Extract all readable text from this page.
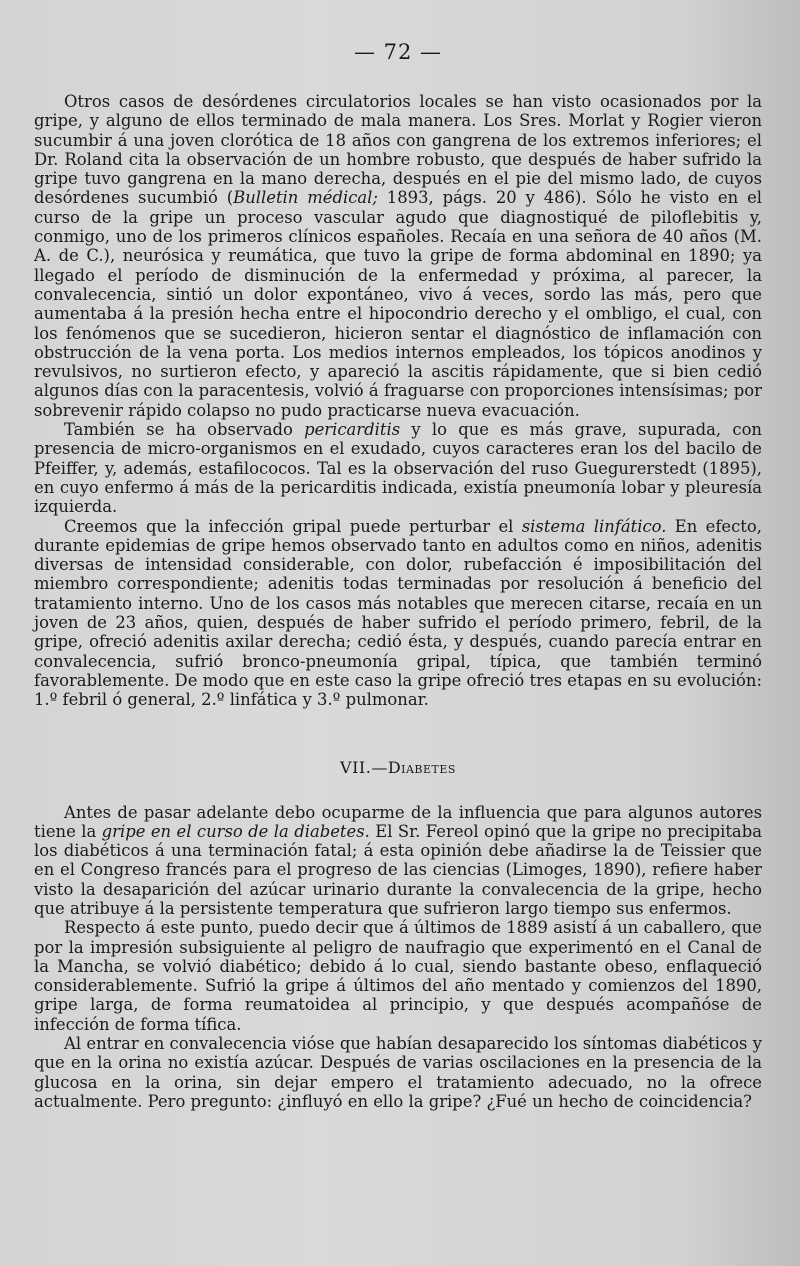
— 72 —

Otros casos de desórdenes circulatorios locales se han visto ocasionados por la gripe, y alguno de ellos terminado de mala manera. Los Sres. Morlat y Rogier vieron sucumbir á una joven clorótica de 18 años con gangrena de los extremos inferiores; el Dr. Roland cita la observación de un hombre robusto, que después de haber sufrido la gripe tuvo gangrena en la mano derecha, después en el pie del mismo lado, de cuyos desórdenes sucumbió (Bulletin médical; 1893, págs. 20 y 486). Sólo he visto en el curso de la gripe un proceso vascular agudo que diagnostiqué de piloflebitis y, conmigo, uno de los primeros clínicos españoles. Recaía en una señora de 40 años (M. A. de C.), neurósica y reumática, que tuvo la gripe de forma abdominal en 1890; ya llegado el período de disminución de la enfermedad y próxima, al parecer, la convalecencia, sintió un dolor expontáneo, vivo á veces, sordo las más, pero que aumentaba á la presión hecha entre el hipocondrio derecho y el ombligo, el cual, con los fenómenos que se sucedieron, hicieron sentar el diagnóstico de inflamación con obstrucción de la vena porta. Los medios internos empleados, los tópicos anodinos y revulsivos, no surtieron efecto, y apareció la ascitis rápidamente, que si bien cedió algunos días con la paracentesis, volvió á fraguarse con proporciones intensísimas; por sobrevenir rápido colapso no pudo practicarse nueva evacuación.

También se ha observado pericarditis y lo que es más grave, supurada, con presencia de micro-organismos en el exudado, cuyos caracteres eran los del bacilo de Pfeiffer, y, además, estafilococos. Tal es la observación del ruso Guegurerstedt (1895), en cuyo enfermo á más de la pericarditis indicada, existía pneumonía lobar y pleuresía izquierda.

Creemos que la infección gripal puede perturbar el sistema linfático. En efecto, durante epidemias de gripe hemos observado tanto en adultos como en niños, adenitis diversas de intensidad considerable, con dolor, rubefacción é imposibilitación del miembro correspondiente; adenitis todas terminadas por resolución á beneficio del tratamiento interno. Uno de los casos más notables que merecen citarse, recaía en un joven de 23 años, quien, después de haber sufrido el período primero, febril, de la gripe, ofreció adenitis axilar derecha; cedió ésta, y después, cuando parecía entrar en convalecencia, sufrió bronco-pneumonía gripal, típica, que también terminó favorablemente. De modo que en este caso la gripe ofreció tres etapas en su evolución: 1.º febril ó general, 2.º linfática y 3.º pulmonar.

VII.—Diabetes

Antes de pasar adelante debo ocuparme de la influencia que para algunos autores tiene la gripe en el curso de la diabetes. El Sr. Fereol opinó que la gripe no precipitaba los diabéticos á una terminación fatal; á esta opinión debe añadirse la de Teissier que en el Congreso francés para el progreso de las ciencias (Limoges, 1890), refiere haber visto la desaparición del azúcar urinario durante la convalecencia de la gripe, hecho que atribuye á la persistente temperatura que sufrieron largo tiempo sus enfermos.

Respecto á este punto, puedo decir que á últimos de 1889 asistí á un caballero, que por la impresión subsiguiente al peligro de naufragio que experimentó en el Canal de la Mancha, se volvió diabético; debido á lo cual, siendo bastante obeso, enflaqueció considerablemente. Sufrió la gripe á últimos del año mentado y comienzos del 1890, gripe larga, de forma reumatoidea al principio, y que después acompañóse de infección de forma tífica.

Al entrar en convalecencia vióse que habían desaparecido los síntomas diabéticos y que en la orina no existía azúcar. Después de varias oscilaciones en la presencia de la glucosa en la orina, sin dejar empero el tratamiento adecuado, no la ofrece actualmente. Pero pregunto: ¿influyó en ello la gripe? ¿Fué un hecho de coincidencia?
